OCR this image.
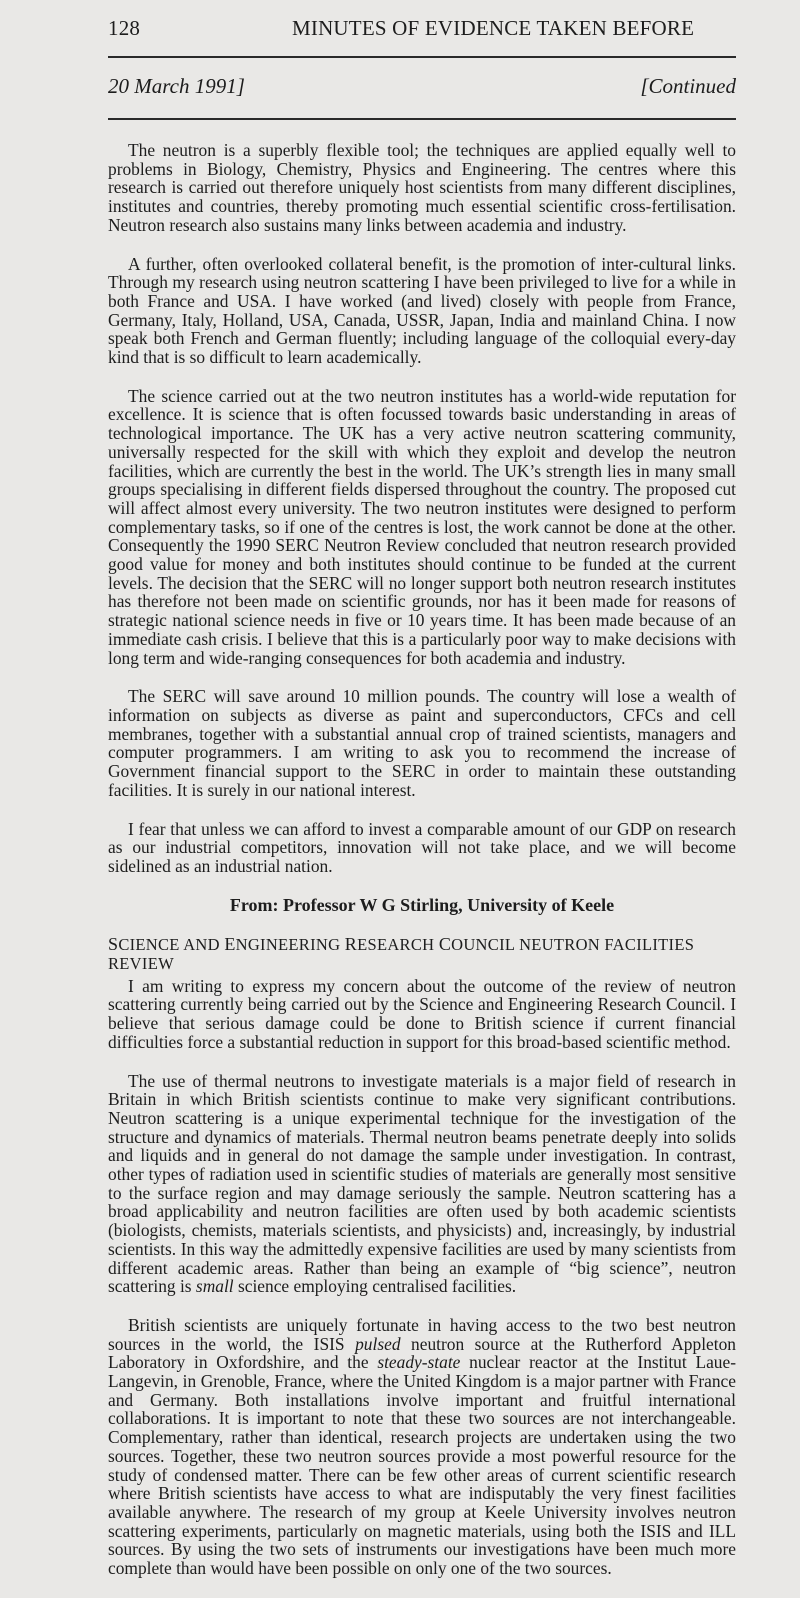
128	MINUTES OF EVIDENCE TAKEN BEFORE
20 March 1991]	[Continued

The neutron is a superbly flexible tool; the techniques are applied equally well to problems in Biology, Chemistry, Physics and Engineering. The centres where this research is carried out therefore uniquely host scientists from many different disciplines, institutes and countries, thereby promoting much essential scientific cross-fertilisation. Neutron research also sustains many links between academia and industry.

A further, often overlooked collateral benefit, is the promotion of inter-cultural links. Through my research using neutron scattering I have been privileged to live for a while in both France and USA. I have worked (and lived) closely with people from France, Germany, Italy, Holland, USA, Canada, USSR, Japan, India and mainland China. I now speak both French and German fluently; including language of the colloquial every-day kind that is so difficult to learn academically.

The science carried out at the two neutron institutes has a world-wide reputation for excellence. It is science that is often focussed towards basic understanding in areas of technological importance. The UK has a very active neutron scattering community, universally respected for the skill with which they exploit and develop the neutron facilities, which are currently the best in the world. The UK’s strength lies in many small groups specialising in different fields dispersed throughout the country. The proposed cut will affect almost every university. The two neutron institutes were designed to perform complementary tasks, so if one of the centres is lost, the work cannot be done at the other. Consequently the 1990 SERC Neutron Review concluded that neutron research provided good value for money and both institutes should continue to be funded at the current levels. The decision that the SERC will no longer support both neutron research institutes has therefore not been made on scientific grounds, nor has it been made for reasons of strategic national science needs in five or 10 years time. It has been made because of an immediate cash crisis. I believe that this is a particularly poor way to make decisions with long term and wide-ranging consequences for both academia and industry.

The SERC will save around 10 million pounds. The country will lose a wealth of information on subjects as diverse as paint and superconductors, CFCs and cell membranes, together with a substantial annual crop of trained scientists, managers and computer programmers. I am writing to ask you to recommend the increase of Government financial support to the SERC in order to maintain these outstanding facilities. It is surely in our national interest.

I fear that unless we can afford to invest a comparable amount of our GDP on research as our industrial competitors, innovation will not take place, and we will become sidelined as an industrial nation.

From: Professor W G Stirling, University of Keele
SCIENCE AND ENGINEERING RESEARCH COUNCIL NEUTRON FACILITIES REVIEW

I am writing to express my concern about the outcome of the review of neutron scattering currently being carried out by the Science and Engineering Research Council. I believe that serious damage could be done to British science if current financial difficulties force a substantial reduction in support for this broad-based scientific method.

The use of thermal neutrons to investigate materials is a major field of research in Britain in which British scientists continue to make very significant contributions. Neutron scattering is a unique experimental technique for the investigation of the structure and dynamics of materials. Thermal neutron beams penetrate deeply into solids and liquids and in general do not damage the sample under investigation. In contrast, other types of radiation used in scientific studies of materials are generally most sensitive to the surface region and may damage seriously the sample. Neutron scattering has a broad applicability and neutron facilities are often used by both academic scientists (biologists, chemists, materials scientists, and physicists) and, increasingly, by industrial scientists. In this way the admittedly expensive facilities are used by many scientists from different academic areas. Rather than being an example of “big science”, neutron scattering is small science employing centralised facilities.

British scientists are uniquely fortunate in having access to the two best neutron sources in the world, the ISIS pulsed neutron source at the Rutherford Appleton Laboratory in Oxfordshire, and the steady-state nuclear reactor at the Institut Laue-Langevin, in Grenoble, France, where the United Kingdom is a major partner with France and Germany. Both installations involve important and fruitful international collaborations. It is important to note that these two sources are not interchangeable. Complementary, rather than identical, research projects are undertaken using the two sources. Together, these two neutron sources provide a most powerful resource for the study of condensed matter. There can be few other areas of current scientific research where British scientists have access to what are indisputably the very finest facilities available anywhere. The research of my group at Keele University involves neutron scattering experiments, particularly on magnetic materials, using both the ISIS and ILL sources. By using the two sets of instruments our investigations have been much more complete than would have been possible on only one of the two sources.
